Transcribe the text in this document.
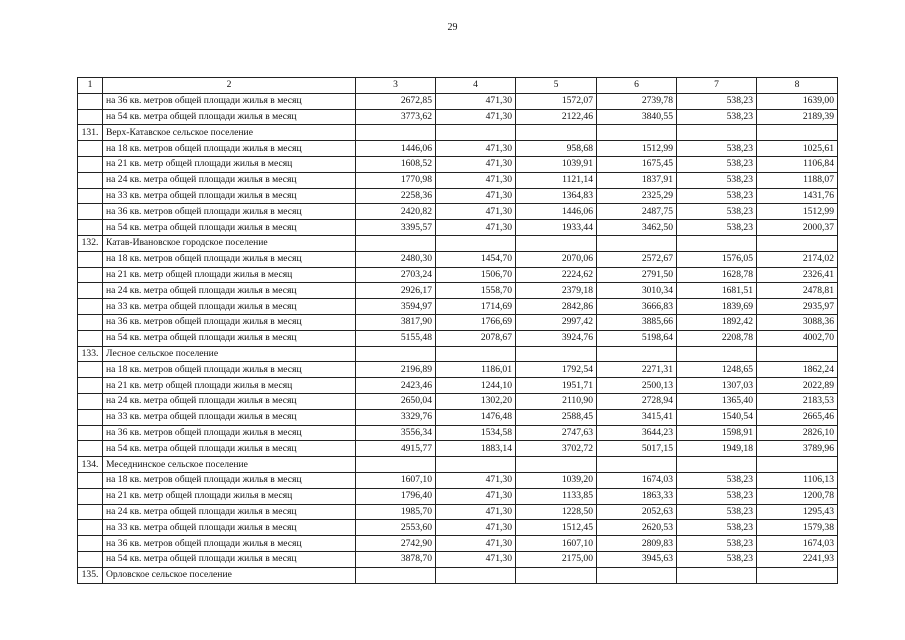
29
1	2	3	4	5	6	7	8
	на 36 кв. метров общей площади жилья в месяц	2672,85	471,30	1572,07	2739,78	538,23	1639,00
	на 54 кв. метра общей площади жилья в месяц	3773,62	471,30	2122,46	3840,55	538,23	2189,39
131.	Верх-Катавское сельское поселение						
	на 18 кв. метров общей площади жилья в месяц	1446,06	471,30	958,68	1512,99	538,23	1025,61
	на 21 кв. метр общей площади жилья в месяц	1608,52	471,30	1039,91	1675,45	538,23	1106,84
	на 24 кв. метра общей площади жилья в месяц	1770,98	471,30	1121,14	1837,91	538,23	1188,07
	на 33 кв. метра общей площади жилья в месяц	2258,36	471,30	1364,83	2325,29	538,23	1431,76
	на 36 кв. метров общей площади жилья в месяц	2420,82	471,30	1446,06	2487,75	538,23	1512,99
	на 54 кв. метра общей площади жилья в месяц	3395,57	471,30	1933,44	3462,50	538,23	2000,37
132.	Катав-Ивановское городское поселение						
	на 18 кв. метров общей площади жилья в месяц	2480,30	1454,70	2070,06	2572,67	1576,05	2174,02
	на 21 кв. метр общей площади жилья в месяц	2703,24	1506,70	2224,62	2791,50	1628,78	2326,41
	на 24 кв. метра общей площади жилья в месяц	2926,17	1558,70	2379,18	3010,34	1681,51	2478,81
	на 33 кв. метра общей площади жилья в месяц	3594,97	1714,69	2842,86	3666,83	1839,69	2935,97
	на 36 кв. метров общей площади жилья в месяц	3817,90	1766,69	2997,42	3885,66	1892,42	3088,36
	на 54 кв. метра общей площади жилья в месяц	5155,48	2078,67	3924,76	5198,64	2208,78	4002,70
133.	Лесное сельское поселение						
	на 18 кв. метров общей площади жилья в месяц	2196,89	1186,01	1792,54	2271,31	1248,65	1862,24
	на 21 кв. метр общей площади жилья в месяц	2423,46	1244,10	1951,71	2500,13	1307,03	2022,89
	на 24 кв. метра общей площади жилья в месяц	2650,04	1302,20	2110,90	2728,94	1365,40	2183,53
	на 33 кв. метра общей площади жилья в месяц	3329,76	1476,48	2588,45	3415,41	1540,54	2665,46
	на 36 кв. метров общей площади жилья в месяц	3556,34	1534,58	2747,63	3644,23	1598,91	2826,10
	на 54 кв. метра общей площади жилья в месяц	4915,77	1883,14	3702,72	5017,15	1949,18	3789,96
134.	Меседнинское сельское поселение						
	на 18 кв. метров общей площади жилья в месяц	1607,10	471,30	1039,20	1674,03	538,23	1106,13
	на 21 кв. метр общей площади жилья в месяц	1796,40	471,30	1133,85	1863,33	538,23	1200,78
	на 24 кв. метра общей площади жилья в месяц	1985,70	471,30	1228,50	2052,63	538,23	1295,43
	на 33 кв. метра общей площади жилья в месяц	2553,60	471,30	1512,45	2620,53	538,23	1579,38
	на 36 кв. метров общей площади жилья в месяц	2742,90	471,30	1607,10	2809,83	538,23	1674,03
	на 54 кв. метра общей площади жилья в месяц	3878,70	471,30	2175,00	3945,63	538,23	2241,93
135.	Орловское сельское поселение						
